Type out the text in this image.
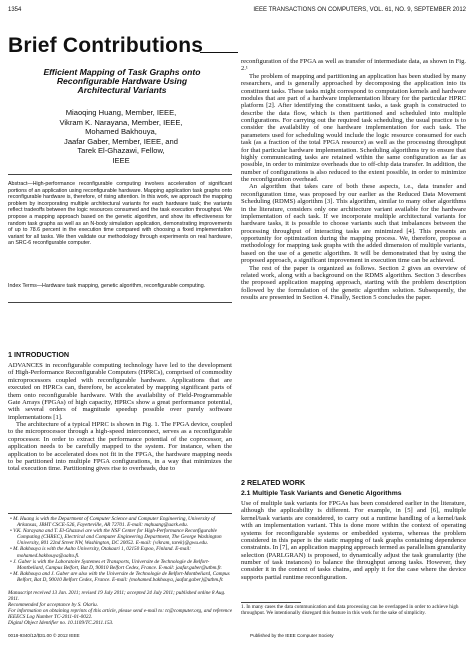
1354	IEEE TRANSACTIONS ON COMPUTERS, VOL. 61, NO. 9, SEPTEMBER 2012
Brief Contributions
Efficient Mapping of Task Graphs onto Reconfigurable Hardware Using Architectural Variants
Miaoqing Huang, Member, IEEE,
Vikram K. Narayana, Member, IEEE,
Mohamed Bakhouya,
Jaafar Gaber, Member, IEEE, and
Tarek El-Ghazawi, Fellow,
IEEE
Abstract—High-performance reconfigurable computing involves acceleration of significant portions of an application using reconfigurable hardware. Mapping application task graphs onto reconfigurable hardware is, therefore, of rising attention. In this work, we approach the mapping problem by incorporating multiple architectural variants for each hardware task; the variants reflect tradeoffs between the logic resources consumed and the task execution throughput. We propose a mapping approach based on the genetic algorithm, and show its effectiveness for random task graphs as well as an N-body simulation application, demonstrating improvements of up to 78.6 percent in the execution time compared with choosing a fixed implementation variant for all tasks. We then validate our methodology through experiments on real hardware, an SRC-6 reconfigurable computer.
Index Terms—Hardware task mapping, genetic algorithm, reconfigurable computing.
1 INTRODUCTION

ADVANCES in reconfigurable computing technology have led to the development of High-Performance Reconfigurable Computers (HPRCs), comprised of commodity microprocessors coupled with reconfigurable hardware. Applications that are executed on HPRCs can, therefore, be accelerated by mapping significant parts of them onto reconfigurable hardware. With the availability of Field-Programmable Gate Arrays (FPGAs) of high capacity, HPRCs show a great performance potential, with several orders of magnitude speedup possible over purely software implementations [1].

The architecture of a typical HPRC is shown in Fig. 1. The FPGA device, coupled to the microprocessor through a high-speed interconnect, serves as a reconfigurable coprocessor. In order to extract the performance potential of the coprocessor, an application needs to be carefully mapped to the system. For instance, when the application to be accelerated does not fit in the FPGA, the hardware mapping needs to be partitioned into multiple FPGA configurations, in a way that minimizes the total execution time. Partitioning gives rise to overheads, due to

• M. Huang is with the Department of Computer Science and Computer Engineering, University of Arkansas, JBHT CSCE-526, Fayetteville, AR 72701. E-mail: mqhuang@uark.edu.

• V.K. Narayana and T. El-Ghazawi are with the NSF Center for High-Performance Reconfigurable Computing (CHREC), Electrical and Computer Engineering Department, The George Washington University, 801 22nd Street NW, Washington, DC 20052. E-mail: {vikram, tarek}@gwu.edu.

• M. Bakhouya is with the Aalto University, Otakaari 1, 02150 Espoo, Finland. E-mail: mohamed.bakhouya@aalto.fi.

• J. Gaber is with the Laboratoire Systemes et Transports, Universite de Technologie de Belfort-Montbeliard, Campus Belfort, Bat D, 90010 Belfort Cedex, France. E-mail: jaafar.gaber@utbm.fr.

• M. Bakhouya and J. Gaber are also with the Universite de Technologie de Belfort-Montbeliard, Campus Belfort, Bat D, 90010 Belfort Cedex, France. E-mail: {mohamed.bakhouya, jaafar.gaber}@utbm.fr.

Manuscript received 13 Jan. 2011; revised 19 July 2011; accepted 24 July 2011; published online 8 Aug. 2011.

Recommended for acceptance by S. Olariu.

For information on obtaining reprints of this article, please send e-mail to: tc@computer.org, and reference IEEECS Log Number TC-2011-01-0022.

Digital Object Identifier no. 10.1109/TC.2011.153.

reconfiguration of the FPGA as well as transfer of intermediate data, as shown in Fig. 2.¹

The problem of mapping and partitioning an application has been studied by many researchers, and is generally approached by decomposing the application into its constituent tasks. These tasks might correspond to computation kernels and hardware modules that are part of a hardware implementation library for the particular HPRC platform [2]. After identifying the constituent tasks, a task graph is constructed to describe the data flow, which is then partitioned and scheduled into multiple configurations. For carrying out the required task scheduling, the usual practice is to consider the availability of one hardware implementation for each task. The parameters used for scheduling would include the logic resource consumed for each task (as a fraction of the total FPGA resource) as well as the processing throughput for that particular hardware implementation. Scheduling algorithms try to ensure that highly communicating tasks are retained within the same configuration as far as possible, in order to minimize overheads due to off-chip data transfer. In addition, the number of configurations is also reduced to the extent possible, in order to minimize the reconfiguration overhead.

An algorithm that takes care of both these aspects, i.e., data transfer and reconfiguration time, was proposed by our earlier as the Reduced Data Movement Scheduling (RDMS) algorithm [3]. This algorithm, similar to many other algorithms in the literature, considers only one architecture variant available for the hardware implementation of each task. If we incorporate multiple architectural variants for hardware tasks, it is possible to choose variants such that imbalances between the processing throughput of interacting tasks are minimized [4]. This presents an opportunity for optimization during the mapping process. We, therefore, propose a methodology for mapping task graphs with the added dimension of multiple variants, based on the use of a genetic algorithm. It will be demonstrated that by using the proposed approach, a significant improvement in execution time can be achieved.

The rest of the paper is organized as follows. Section 2 gives an overview of related work, along with a background on the RDMS algorithm. Section 3 describes the proposed application mapping approach, starting with the problem description followed by the formulation of the genetic algorithm solution. Subsequently, the results are presented in Section 4. Finally, Section 5 concludes the paper.

2 RELATED WORK
2.1 Multiple Task Variants and Genetic Algorithms
Use of multiple task variants for FPGAs has been considered earlier in the literature, although the applicability is different. For example, in [5] and [6], multiple kernel/task variants are considered, to carry out a runtime handling of a kernel/task with an implementation variant. This is done more within the context of operating systems for reconfigurable systems or embedded systems, whereas the problem considered in this paper is the static mapping of task graphs containing dependence constraints. In [7], an application mapping approach termed as parallelism granularity selection (PARLGRAN) is proposed, to dynamically adjust the task granularity (the number of task instances) to balance the throughput among tasks. However, they consider it in the context of tasks chains, and apply it for the case where the device supports partial runtime reconfiguration.
1. In many cases the data communication and data processing can be overlapped in order to achieve high throughput. We intentionally disregard this feature in this work for the sake of simplicity.
0018-9340/12/$31.00 © 2012 IEEE	Published by the IEEE Computer Society
